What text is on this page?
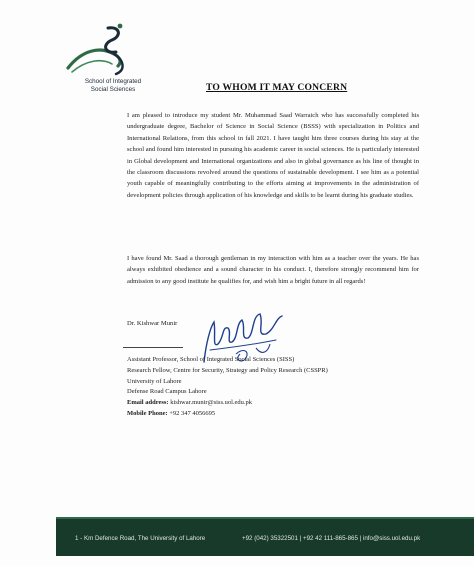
School of Integrated
Social Sciences	TO WHOM IT MAY CONCERN
I am pleased to introduce my student Mr. Muhammad Saad Warraich who has successfully completed his undergraduate degree, Bachelor of Science in Social Science (BSSS) with specialization in Politics and International Relations, from this school in fall 2021. I have taught him three courses during his stay at the school and found him interested in pursuing his academic career in social sciences. He is particularly interested in Global development and International organizations and also in global governance as his line of thought in the classroom discussions revolved around the questions of sustainable development. I see him as a potential youth capable of meaningfully contributing to the efforts aiming at improvements in the administration of development policies through application of his knowledge and skills to be learnt during his graduate studies.
I have found Mr. Saad a thorough gentleman in my interaction with him as a teacher over the years. He has always exhibited obedience and a sound character in his conduct. I, therefore strongly recommend him for admission to any good institute he qualifies for, and wish him a bright future in all regards!
Dr. Kishwar Munir
Assistant Professor, School of Integrated Social Sciences (SISS)
Research Fellow, Centre for Security, Strategy and Policy Research (CSSPR)
University of Lahore
Defense Road Campus Lahore
Email address: kishwar.munir@siss.uol.edu.pk
Mobile Phone: +92 347 4056695
1 - Km Defence Road, The University of Lahore	+92 (042) 35322501 | +92 42 111-865-865 | info@siss.uol.edu.pk
